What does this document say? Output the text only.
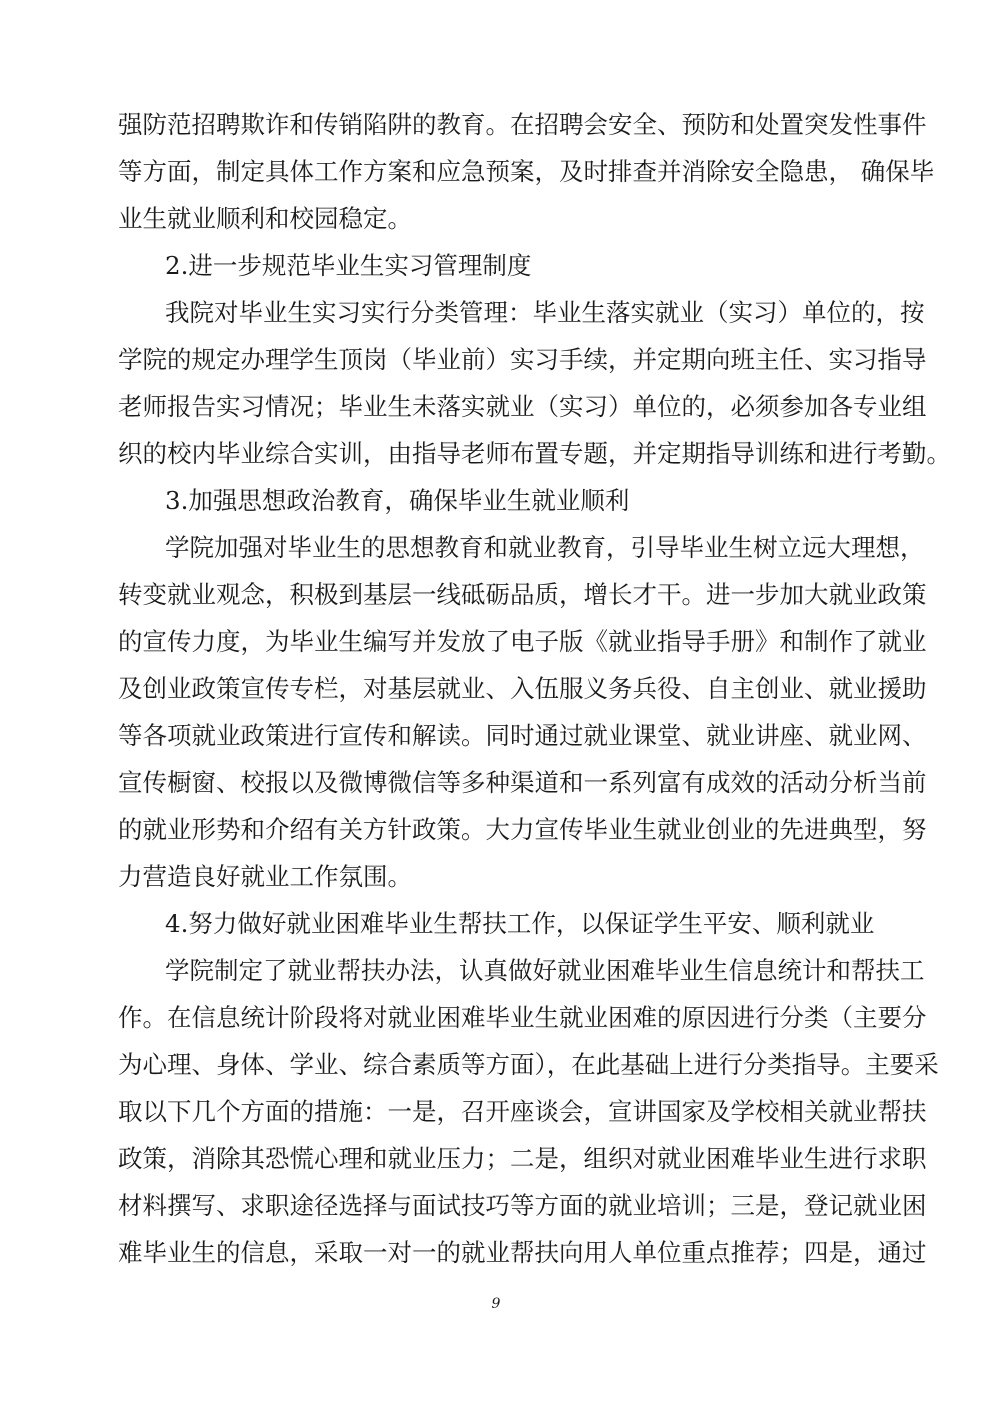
强防范招聘欺诈和传销陷阱的教育。在招聘会安全、预防和处置突发性事件
等方面，制定具体工作方案和应急预案，及时排查并消除安全隐患， 确保毕
业生就业顺利和校园稳定。
2.进一步规范毕业生实习管理制度
我院对毕业生实习实行分类管理：毕业生落实就业（实习）单位的，按
学院的规定办理学生顶岗（毕业前）实习手续，并定期向班主任、实习指导
老师报告实习情况；毕业生未落实就业（实习）单位的，必须参加各专业组
织的校内毕业综合实训，由指导老师布置专题，并定期指导训练和进行考勤。
3.加强思想政治教育，确保毕业生就业顺利
学院加强对毕业生的思想教育和就业教育，引导毕业生树立远大理想，
转变就业观念，积极到基层一线砥砺品质，增长才干。进一步加大就业政策
的宣传力度，为毕业生编写并发放了电子版《就业指导手册》和制作了就业
及创业政策宣传专栏，对基层就业、入伍服义务兵役、自主创业、就业援助
等各项就业政策进行宣传和解读。同时通过就业课堂、就业讲座、就业网、
宣传橱窗、校报以及微博微信等多种渠道和一系列富有成效的活动分析当前
的就业形势和介绍有关方针政策。大力宣传毕业生就业创业的先进典型，努
力营造良好就业工作氛围。
4.努力做好就业困难毕业生帮扶工作，以保证学生平安、顺利就业
学院制定了就业帮扶办法，认真做好就业困难毕业生信息统计和帮扶工
作。在信息统计阶段将对就业困难毕业生就业困难的原因进行分类（主要分
为心理、身体、学业、综合素质等方面），在此基础上进行分类指导。主要采
取以下几个方面的措施：一是，召开座谈会，宣讲国家及学校相关就业帮扶
政策，消除其恐慌心理和就业压力；二是，组织对就业困难毕业生进行求职
材料撰写、求职途径选择与面试技巧等方面的就业培训；三是，登记就业困
难毕业生的信息，采取一对一的就业帮扶向用人单位重点推荐；四是，通过
9
